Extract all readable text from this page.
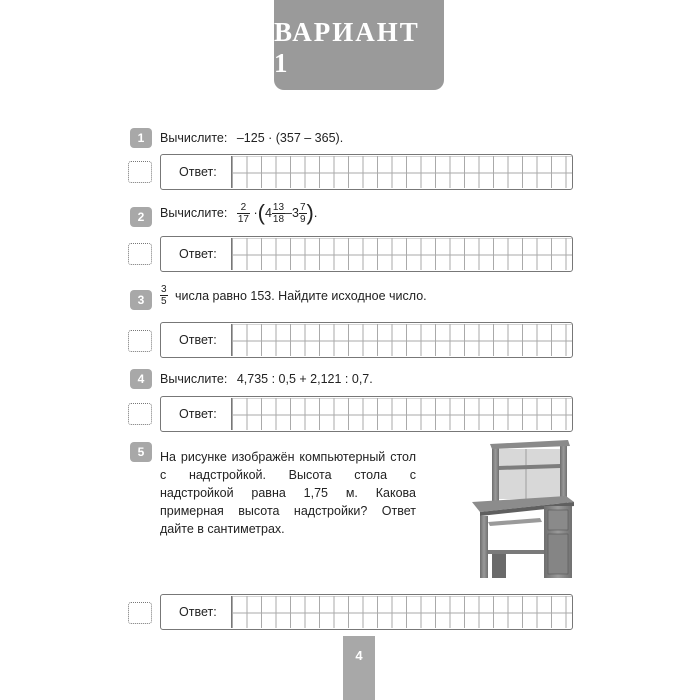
ВАРИАНТ 1
1	Вычислите: –125 · (357 – 365).
Ответ:
2	Вычислите: $\frac{2}{17} \cdot(4 \frac{13}{18} -3 \frac{7}{9}$ ).
Ответ:
3	$\frac{3}{5}$ числа равно 153. Найдите исходное число.
Ответ:
4	Вычислите: 4,735 : 0,5 + 2,121 : 0,7.
Ответ:
5	На рисунке изображён компьютерный стол с надстройкой. Высота стола с надстройкой равна 1,75 м. Какова примерная высота надстройки? Ответ дайте в сантиметрах.
Ответ:
4
